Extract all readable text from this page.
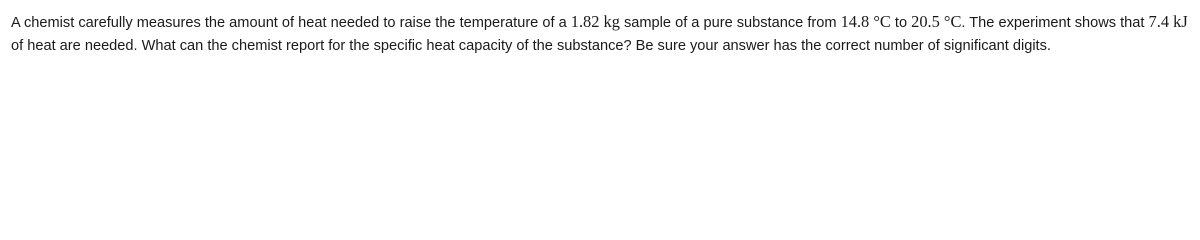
A chemist carefully measures the amount of heat needed to raise the temperature of a 1.82 kg sample of a pure substance from 14.8 °C to 20.5 °C. The experiment shows that 7.4 kJ of heat are needed. What can the chemist report for the specific heat capacity of the substance? Be sure your answer has the correct number of significant digits.
